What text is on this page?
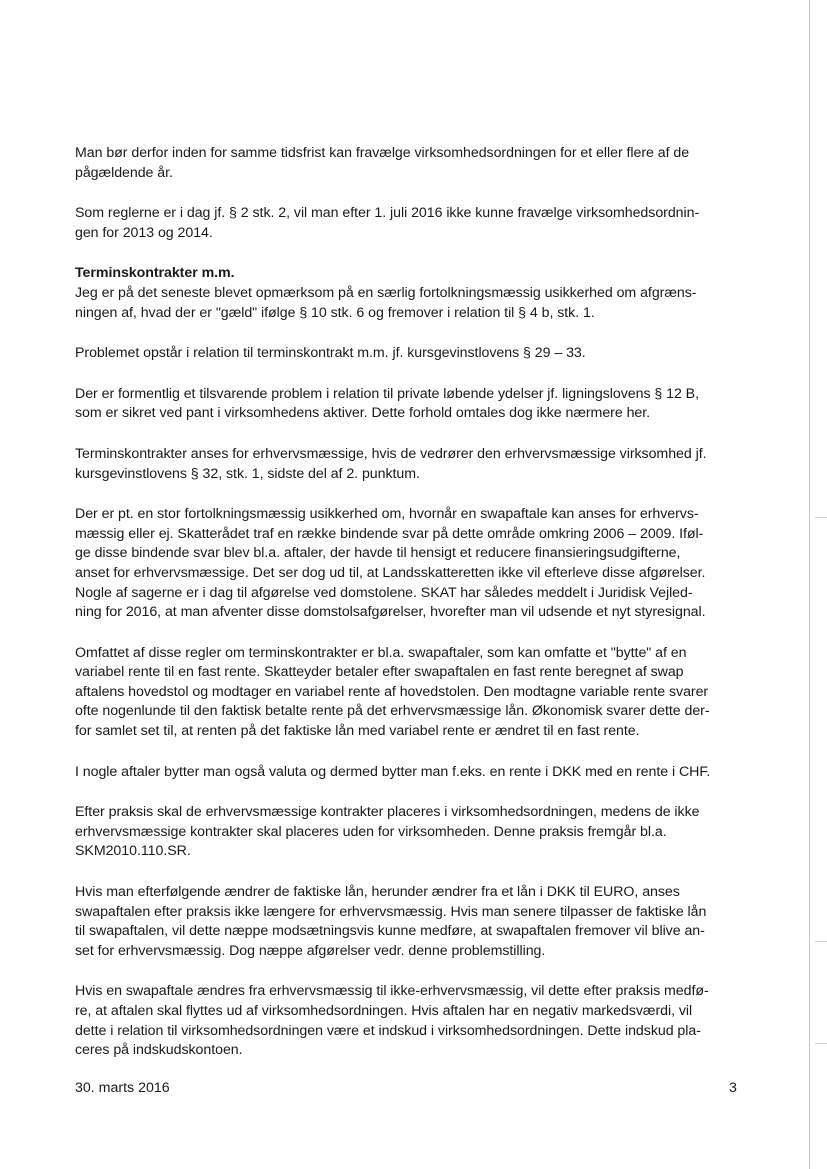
Man bør derfor inden for samme tidsfrist kan fravælge virksomhedsordningen for et eller flere af de
pågældende år.

Som reglerne er i dag jf. § 2 stk. 2, vil man efter 1. juli 2016 ikke kunne fravælge virksomhedsordnin-
gen for 2013 og 2014.

Terminskontrakter m.m.
Jeg er på det seneste blevet opmærksom på en særlig fortolkningsmæssig usikkerhed om afgræns-
ningen af, hvad der er "gæld" ifølge § 10 stk. 6 og fremover i relation til § 4 b, stk. 1.

Problemet opstår i relation til terminskontrakt m.m. jf. kursgevinstlovens § 29 – 33.

Der er formentlig et tilsvarende problem i relation til private løbende ydelser jf. ligningslovens § 12 B,
som er sikret ved pant i virksomhedens aktiver. Dette forhold omtales dog ikke nærmere her.

Terminskontrakter anses for erhvervsmæssige, hvis de vedrører den erhvervsmæssige virksomhed jf.
kursgevinstlovens § 32, stk. 1, sidste del af 2. punktum.

Der er pt. en stor fortolkningsmæssig usikkerhed om, hvornår en swapaftale kan anses for erhvervs-
mæssig eller ej. Skatterådet traf en række bindende svar på dette område omkring 2006 – 2009. Iføl-
ge disse bindende svar blev bl.a. aftaler, der havde til hensigt et reducere finansieringsudgifterne,
anset for erhvervsmæssige. Det ser dog ud til, at Landsskatteretten ikke vil efterleve disse afgørelser.
Nogle af sagerne er i dag til afgørelse ved domstolene. SKAT har således meddelt i Juridisk Vejled-
ning for 2016, at man afventer disse domstolsafgørelser, hvorefter man vil udsende et nyt styresignal.

Omfattet af disse regler om terminskontrakter er bl.a. swapaftaler, som kan omfatte et "bytte" af en
variabel rente til en fast rente. Skatteyder betaler efter swapaftalen en fast rente beregnet af swap
aftalens hovedstol og modtager en variabel rente af hovedstolen. Den modtagne variable rente svarer
ofte nogenlunde til den faktisk betalte rente på det erhvervsmæssige lån. Økonomisk svarer dette der-
for samlet set til, at renten på det faktiske lån med variabel rente er ændret til en fast rente.

I nogle aftaler bytter man også valuta og dermed bytter man f.eks. en rente i DKK med en rente i CHF.

Efter praksis skal de erhvervsmæssige kontrakter placeres i virksomhedsordningen, medens de ikke
erhvervsmæssige kontrakter skal placeres uden for virksomheden. Denne praksis fremgår bl.a.
SKM2010.110.SR.

Hvis man efterfølgende ændrer de faktiske lån, herunder ændrer fra et lån i DKK til EURO, anses
swapaftalen efter praksis ikke længere for erhvervsmæssig. Hvis man senere tilpasser de faktiske lån
til swapaftalen, vil dette næppe modsætningsvis kunne medføre, at swapaftalen fremover vil blive an-
set for erhvervsmæssig. Dog næppe afgørelser vedr. denne problemstilling.

Hvis en swapaftale ændres fra erhvervsmæssig til ikke-erhvervsmæssig, vil dette efter praksis medfø-
re, at aftalen skal flyttes ud af virksomhedsordningen. Hvis aftalen har en negativ markedsværdi, vil
dette i relation til virksomhedsordningen være et indskud i virksomhedsordningen. Dette indskud pla-
ceres på indskudskontoen.

30. marts 2016	3
